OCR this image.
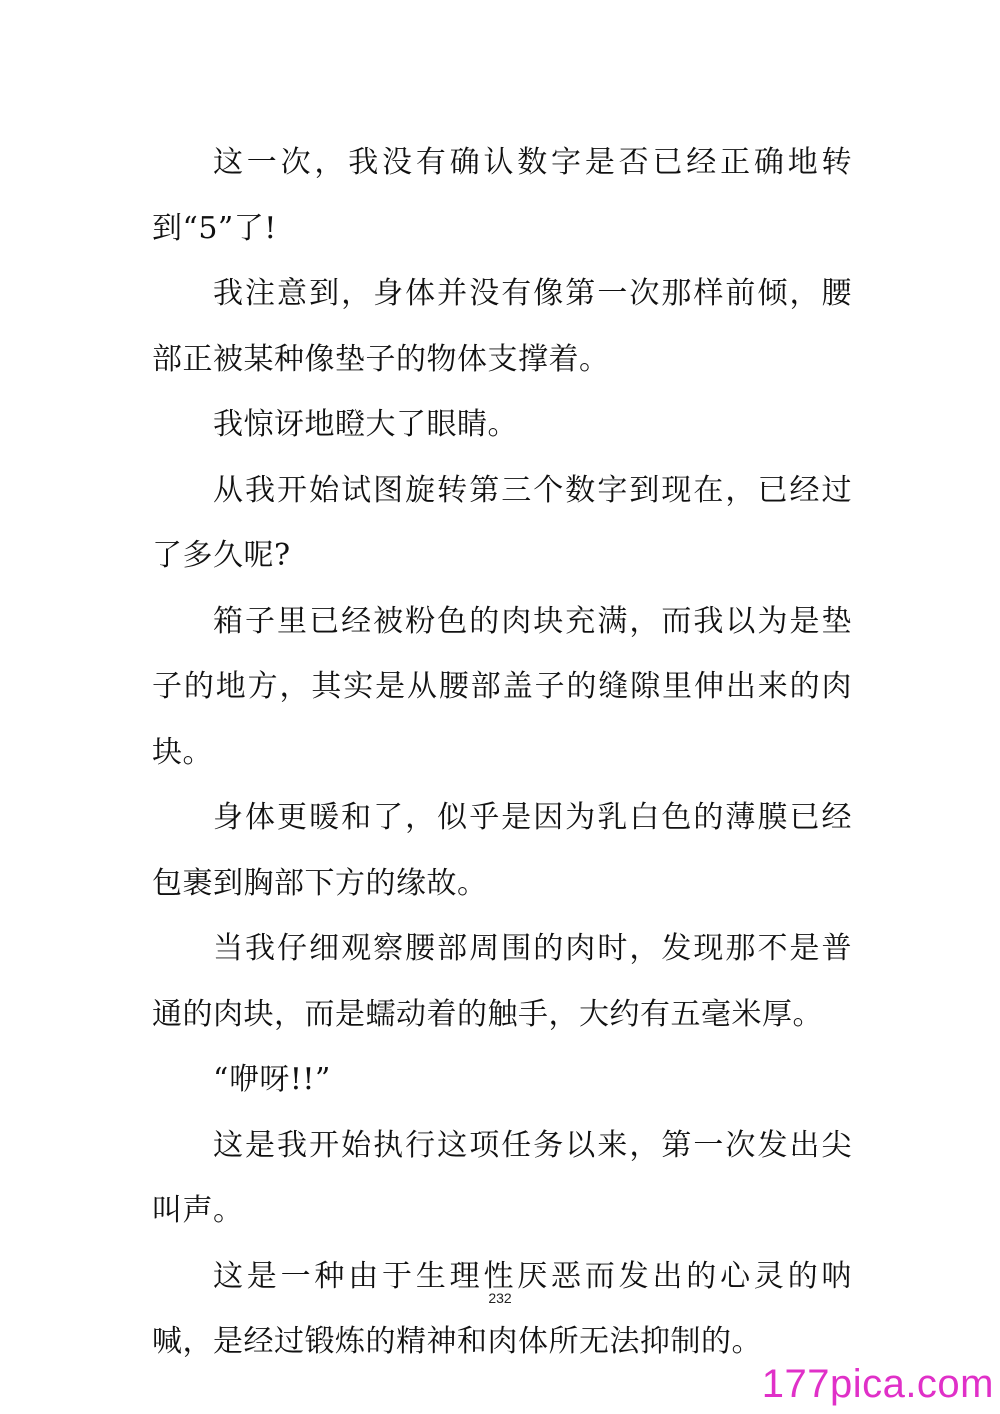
这一次，我没有确认数字是否已经正确地转到“5”了!

我注意到，身体并没有像第一次那样前倾，腰部正被某种像垫子的物体支撑着。

我惊讶地瞪大了眼睛。

从我开始试图旋转第三个数字到现在，已经过了多久呢?

箱子里已经被粉色的肉块充满，而我以为是垫子的地方，其实是从腰部盖子的缝隙里伸出来的肉块。

身体更暖和了，似乎是因为乳白色的薄膜已经包裹到胸部下方的缘故。

当我仔细观察腰部周围的肉时，发现那不是普通的肉块，而是蠕动着的触手，大约有五毫米厚。

“咿呀!!”

这是我开始执行这项任务以来，第一次发出尖叫声。

这是一种由于生理性厌恶而发出的心灵的呐喊，是经过锻炼的精神和肉体所无法抑制的。

232
177pica.com
